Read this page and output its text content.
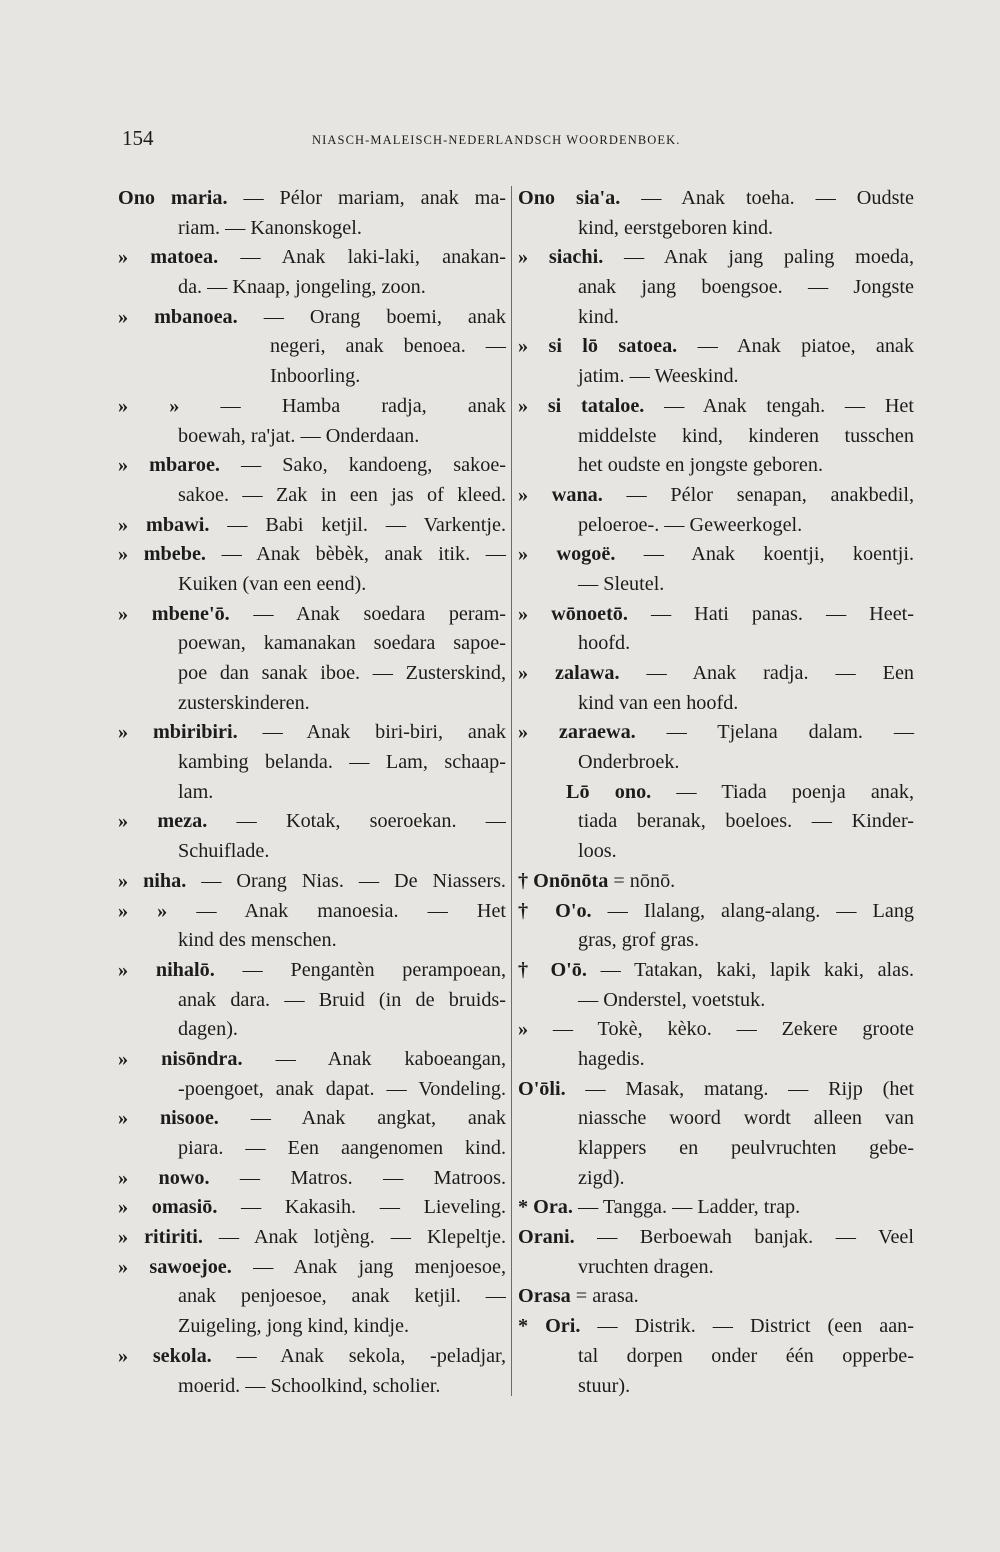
154	NIASCH-MALEISCH-NEDERLANDSCH WOORDENBOEK.
Ono maria. — Pélor mariam, anak ma-
riam. — Kanonskogel.
» matoea. — Anak laki-laki, anakan-
da. — Knaap, jongeling, zoon.
» mbanoea. — Orang boemi, anak
negeri, anak benoea. —
Inboorling.
» » — Hamba radja, anak
boewah, ra'jat. — Onderdaan.
» mbaroe. — Sako, kandoeng, sakoe-
sakoe. — Zak in een jas of kleed.
» mbawi. — Babi ketjil. — Varkentje.
» mbebe. — Anak bèbèk, anak itik. —
Kuiken (van een eend).
» mbene'ō. — Anak soedara peram-
poewan, kamanakan soedara sapoe-
poe dan sanak iboe. — Zusterskind,
zusterskinderen.
» mbiribiri. — Anak biri-biri, anak
kambing belanda. — Lam, schaap-
lam.
» meza. — Kotak, soeroekan. —
Schuiflade.
» niha. — Orang Nias. — De Niassers.
» » — Anak manoesia. — Het
kind des menschen.
» nihalō. — Pengantèn perampoean,
anak dara. — Bruid (in de bruids-
dagen).
» nisōndra. — Anak kaboeangan,
-poengoet, anak dapat. — Vondeling.
» nisooe. — Anak angkat, anak
piara. — Een aangenomen kind.
» nowo. — Matros. — Matroos.
» omasiō. — Kakasih. — Lieveling.
» ritiriti. — Anak lotjèng. — Klepeltje.
» sawoejoe. — Anak jang menjoesoe,
anak penjoesoe, anak ketjil. —
Zuigeling, jong kind, kindje.
» sekola. — Anak sekola, -peladjar,
moerid. — Schoolkind, scholier.
Ono sia'a. — Anak toeha. — Oudste
kind, eerstgeboren kind.
» siachi. — Anak jang paling moeda,
anak jang boengsoe. — Jongste
kind.
» si lō satoea. — Anak piatoe, anak
jatim. — Weeskind.
» si tataloe. — Anak tengah. — Het
middelste kind, kinderen tusschen
het oudste en jongste geboren.
» wana. — Pélor senapan, anakbedil,
peloeroe-. — Geweerkogel.
» wogoë. — Anak koentji, koentji.
— Sleutel.
» wōnoetō. — Hati panas. — Heet-
hoofd.
» zalawa. — Anak radja. — Een
kind van een hoofd.
» zaraewa. — Tjelana dalam. —
Onderbroek.
Lō ono. — Tiada poenja anak,
tiada beranak, boeloes. — Kinder-
loos.
† Onōnōta = nōnō.
† O'o. — Ilalang, alang-alang. — Lang
gras, grof gras.
† O'ō. — Tatakan, kaki, lapik kaki, alas.
— Onderstel, voetstuk.
» — Tokè, kèko. — Zekere groote
hagedis.
O'ōli. — Masak, matang. — Rijp (het
niassche woord wordt alleen van
klappers en peulvruchten gebe-
zigd).
* Ora. — Tangga. — Ladder, trap.
Orani. — Berboewah banjak. — Veel
vruchten dragen.
Orasa = arasa.
* Ori. — Distrik. — District (een aan-
tal dorpen onder één opperbe-
stuur).
